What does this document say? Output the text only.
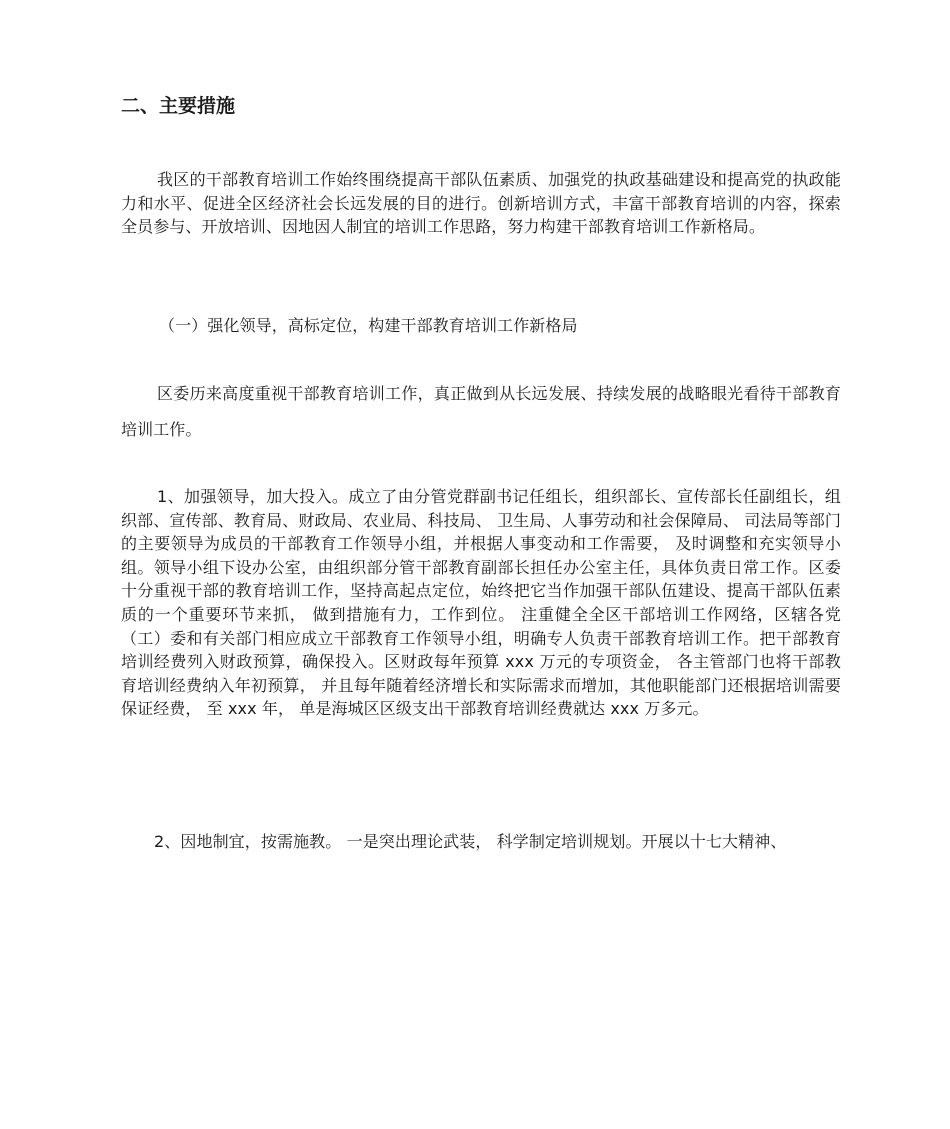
二、主要措施

我区的干部教育培训工作始终围绕提高干部队伍素质、加强党的执政基础建设和提高党的执政能力和水平、促进全区经济社会长远发展的目的进行。创新培训方式，丰富干部教育培训的内容，探索全员参与、开放培训、因地因人制宜的培训工作思路，努力构建干部教育培训工作新格局。

（一）强化领导，高标定位，构建干部教育培训工作新格局

区委历来高度重视干部教育培训工作，真正做到从长远发展、持续发展的战略眼光看待干部教育培训工作。

1、加强领导，加大投入。成立了由分管党群副书记任组长，组织部长、宣传部长任副组长，组织部、宣传部、教育局、财政局、农业局、科技局、 卫生局、人事劳动和社会保障局、 司法局等部门的主要领导为成员的干部教育工作领导小组，并根据人事变动和工作需要， 及时调整和充实领导小组。领导小组下设办公室，由组织部分管干部教育副部长担任办公室主任，具体负责日常工作。区委十分重视干部的教育培训工作，坚持高起点定位，始终把它当作加强干部队伍建设、提高干部队伍素质的一个重要环节来抓， 做到措施有力，工作到位。 注重健全全区干部培训工作网络，区辖各党（工）委和有关部门相应成立干部教育工作领导小组，明确专人负责干部教育培训工作。把干部教育培训经费列入财政预算，确保投入。区财政每年预算 xxx 万元的专项资金， 各主管部门也将干部教育培训经费纳入年初预算， 并且每年随着经济增长和实际需求而增加，其他职能部门还根据培训需要保证经费， 至 xxx 年， 单是海城区区级支出干部教育培训经费就达 xxx 万多元。

2、因地制宜，按需施教。 一是突出理论武装， 科学制定培训规划。开展以十七大精神、
